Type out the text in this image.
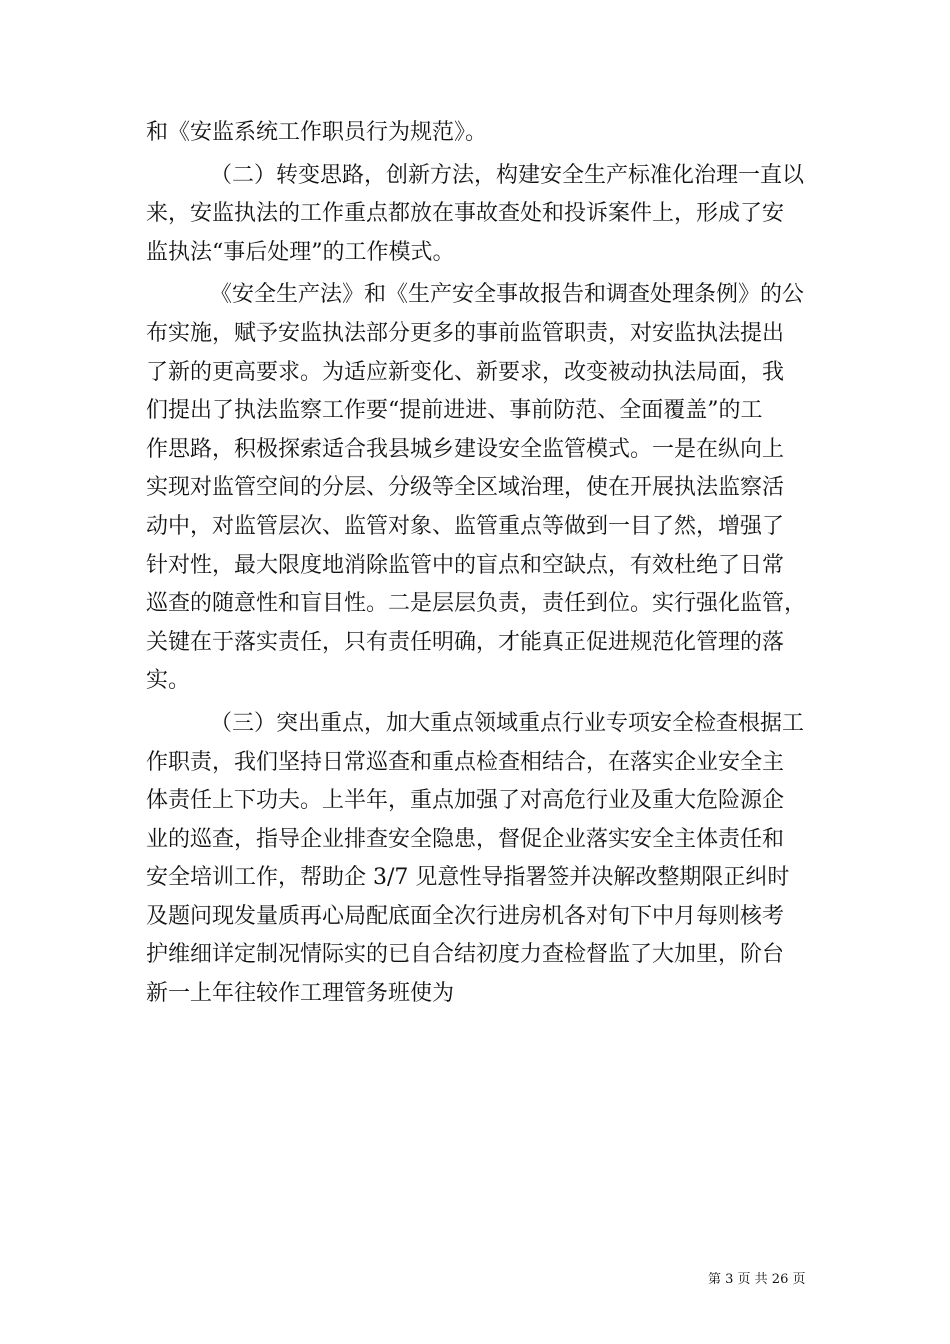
和《安监系统工作职员行为规范》。
（二）转变思路，创新方法，构建安全生产标准化治理一直以
来，安监执法的工作重点都放在事故查处和投诉案件上，形成了安
监执法“事后处理”的工作模式。
《安全生产法》和《生产安全事故报告和调查处理条例》的公
布实施，赋予安监执法部分更多的事前监管职责，对安监执法提出
了新的更高要求。为适应新变化、新要求，改变被动执法局面，我
们提出了执法监察工作要“提前进进、事前防范、全面覆盖”的工
作思路，积极探索适合我县城乡建设安全监管模式。一是在纵向上
实现对监管空间的分层、分级等全区域治理，使在开展执法监察活
动中，对监管层次、监管对象、监管重点等做到一目了然，增强了
针对性，最大限度地消除监管中的盲点和空缺点，有效杜绝了日常
巡查的随意性和盲目性。二是层层负责，责任到位。实行强化监管，
关键在于落实责任，只有责任明确，才能真正促进规范化管理的落
实。
（三）突出重点，加大重点领域重点行业专项安全检查根据工
作职责，我们坚持日常巡查和重点检查相结合，在落实企业安全主
体责任上下功夫。上半年，重点加强了对高危行业及重大危险源企
业的巡查，指导企业排查安全隐患，督促企业落实安全主体责任和
安全培训工作，帮助企 3/7 见意性导指署签并决解改整期限正纠时
及题问现发量质再心局配底面全次行进房机各对旬下中月每则核考
护维细详定制况情际实的已自合结初度力查检督监了大加里，阶台
新一上年往较作工理管务班使为
第 3 页 共 26 页
